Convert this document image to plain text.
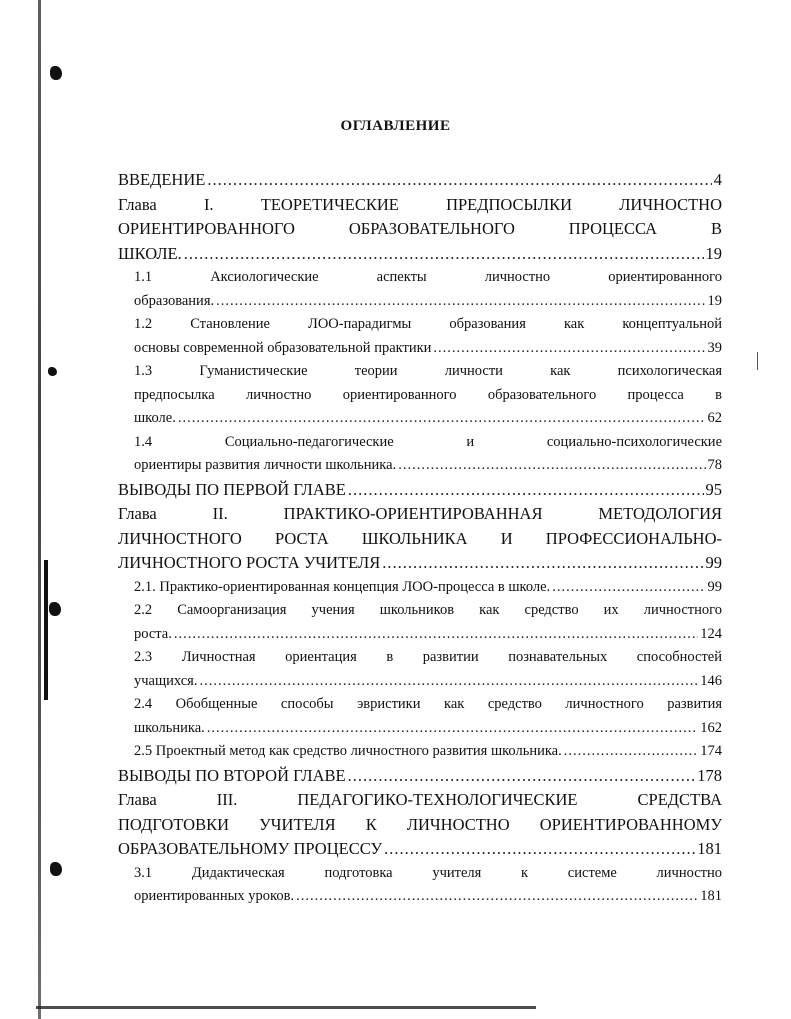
ОГЛАВЛЕНИЕ
ВВЕДЕНИЕ .....	4
Глава I. ТЕОРЕТИЧЕСКИЕ ПРЕДПОСЫЛКИ ЛИЧНОСТНО
ОРИЕНТИРОВАННОГО ОБРАЗОВАТЕЛЬНОГО ПРОЦЕССА В
ШКОЛЕ. .....	19
1.1 Аксиологические аспекты личностно ориентированного
образования. .....	19
1.2 Становление ЛОО-парадигмы образования как концептуальной
основы современной образовательной практики .....	39
1.3 Гуманистические теории личности как психологическая
предпосылка личностно ориентированного образовательного процесса в
школе. .....	62
1.4 Социально-педагогические и социально-психологические
ориентиры развития личности школьника. .....	78
ВЫВОДЫ ПО ПЕРВОЙ ГЛАВЕ .....	95
Глава II. ПРАКТИКО-ОРИЕНТИРОВАННАЯ МЕТОДОЛОГИЯ
ЛИЧНОСТНОГО РОСТА ШКОЛЬНИКА И ПРОФЕССИОНАЛЬНО-
ЛИЧНОСТНОГО РОСТА УЧИТЕЛЯ .....	99
2.1. Практико-ориентированная концепция ЛОО-процесса в школе. .....	99
2.2 Самоорганизация учения школьников как средство их личностного
роста. .....	124
2.3 Личностная ориентация в развитии познавательных способностей
учащихся. .....	146
2.4 Обобщенные способы эвристики как средство личностного развития
школьника. .....	162
2.5 Проектный метод как средство личностного развития школьника. .....	174
ВЫВОДЫ ПО ВТОРОЙ ГЛАВЕ .....	178
Глава III. ПЕДАГОГИКО-ТЕХНОЛОГИЧЕСКИЕ СРЕДСТВА
ПОДГОТОВКИ УЧИТЕЛЯ К ЛИЧНОСТНО ОРИЕНТИРОВАННОМУ
ОБРАЗОВАТЕЛЬНОМУ ПРОЦЕССУ .....	181
3.1 Дидактическая подготовка учителя к системе личностно
ориентированных уроков. .....	181
